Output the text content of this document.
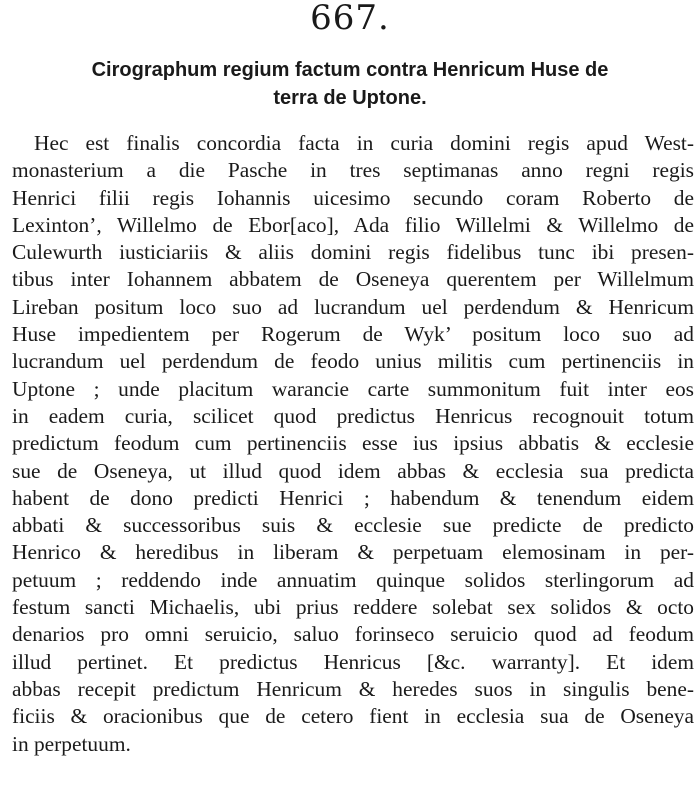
667.
Cirographum regium factum contra Henricum Huse de
terra de Uptone.
Hec est finalis concordia facta in curia domini regis apud West-
monasterium a die Pasche in tres septimanas anno regni regis
Henrici filii regis Iohannis uicesimo secundo coram Roberto de
Lexinton’, Willelmo de Ebor[aco], Ada filio Willelmi & Willelmo de
Culewurth iusticiariis & aliis domini regis fidelibus tunc ibi presen-
tibus inter Iohannem abbatem de Oseneya querentem per Willelmum
Lireban positum loco suo ad lucrandum uel perdendum & Henricum
Huse impedientem per Rogerum de Wyk’ positum loco suo ad
lucrandum uel perdendum de feodo unius militis cum pertinenciis in
Uptone ; unde placitum warancie carte summonitum fuit inter eos
in eadem curia, scilicet quod predictus Henricus recognouit totum
predictum feodum cum pertinenciis esse ius ipsius abbatis & ecclesie
sue de Oseneya, ut illud quod idem abbas & ecclesia sua predicta
habent de dono predicti Henrici ; habendum & tenendum eidem
abbati & successoribus suis & ecclesie sue predicte de predicto
Henrico & heredibus in liberam & perpetuam elemosinam in per-
petuum ; reddendo inde annuatim quinque solidos sterlingorum ad
festum sancti Michaelis, ubi prius reddere solebat sex solidos & octo
denarios pro omni seruicio, saluo forinseco seruicio quod ad feodum
illud pertinet. Et predictus Henricus [&c. warranty]. Et idem
abbas recepit predictum Henricum & heredes suos in singulis bene-
ficiis & oracionibus que de cetero fient in ecclesia sua de Oseneya
in perpetuum.
